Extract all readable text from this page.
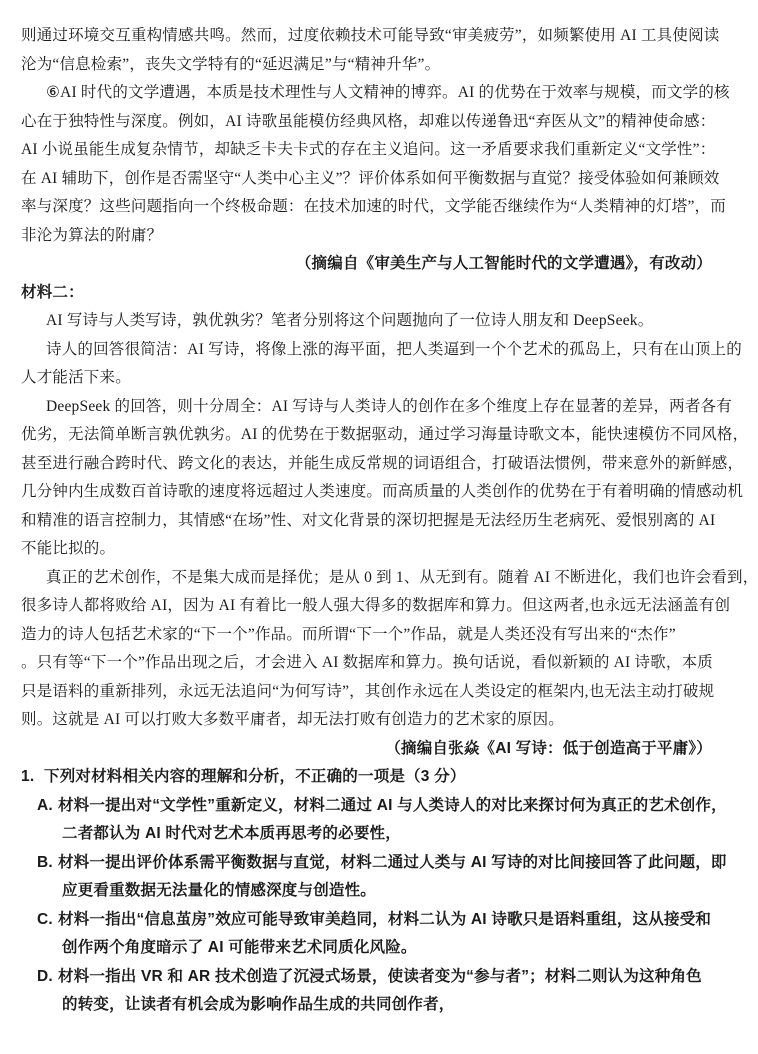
则通过环境交互重构情感共鸣。然而，过度依赖技术可能导致“审美疲劳”，如频繁使用 AI 工具使阅读
沦为“信息检索”，丧失文学特有的“延迟满足”与“精神升华”。
⑥AI 时代的文学遭遇，本质是技术理性与人文精神的博弈。AI 的优势在于效率与规模，而文学的核
心在于独特性与深度。例如，AI 诗歌虽能模仿经典风格，却难以传递鲁迅“弃医从文”的精神使命感：
AI 小说虽能生成复杂情节，却缺乏卡夫卡式的存在主义追问。这一矛盾要求我们重新定义“文学性”：
在 AI 辅助下，创作是否需坚守“人类中心主义”？评价体系如何平衡数据与直觉？接受体验如何兼顾效
率与深度？这些问题指向一个终极命题：在技术加速的时代，文学能否继续作为“人类精神的灯塔”，而
非沦为算法的附庸？
（摘编自《审美生产与人工智能时代的文学遭遇》，有改动）
材料二：
AI 写诗与人类写诗，孰优孰劣？笔者分别将这个问题抛向了一位诗人朋友和 DeepSeek。
诗人的回答很简洁：AI 写诗，将像上涨的海平面，把人类逼到一个个艺术的孤岛上，只有在山顶上的
人才能活下来。
DeepSeek 的回答，则十分周全：AI 写诗与人类诗人的创作在多个维度上存在显著的差异，两者各有
优劣，无法简单断言孰优孰劣。AI 的优势在于数据驱动，通过学习海量诗歌文本，能快速模仿不同风格，
甚至进行融合跨时代、跨文化的表达，并能生成反常规的词语组合，打破语法惯例，带来意外的新鲜感，
几分钟内生成数百首诗歌的速度将远超过人类速度。而高质量的人类创作的优势在于有着明确的情感动机
和精准的语言控制力，其情感“在场”性、对文化背景的深切把握是无法经历生老病死、爱恨别离的 AI
不能比拟的。
真正的艺术创作，不是集大成而是择优；是从 0 到 1、从无到有。随着 AI 不断进化，我们也许会看到，
很多诗人都将败给 AI，因为 AI 有着比一般人强大得多的数据库和算力。但这两者,也永远无法涵盖有创
造力的诗人包括艺术家的“下一个”作品。而所谓“下一个”作品，就是人类还没有写出来的“杰作”
。只有等“下一个”作品出现之后，才会进入 AI 数据库和算力。换句话说，看似新颖的 AI 诗歌，本质
只是语料的重新排列，永远无法追问“为何写诗”，其创作永远在人类设定的框架内,也无法主动打破规
则。这就是 AI 可以打败大多数平庸者，却无法打败有创造力的艺术家的原因。
（摘编自张焱《AI 写诗：低于创造高于平庸》）
1. 下列对材料相关内容的理解和分析，不正确的一项是（3 分）
A. 材料一提出对“文学性”重新定义，材料二通过 AI 与人类诗人的对比来探讨何为真正的艺术创作，
二者都认为 AI 时代对艺术本质再思考的必要性，
B. 材料一提出评价体系需平衡数据与直觉，材料二通过人类与 AI 写诗的对比间接回答了此问题，即
应更看重数据无法量化的情感深度与创造性。
C. 材料一指出“信息茧房”效应可能导致审美趋同，材料二认为 AI 诗歌只是语料重组，这从接受和
创作两个角度暗示了 AI 可能带来艺术同质化风险。
D. 材料一指出 VR 和 AR 技术创造了沉浸式场景，使读者变为“参与者”；材料二则认为这种角色
的转变，让读者有机会成为影响作品生成的共同创作者，
